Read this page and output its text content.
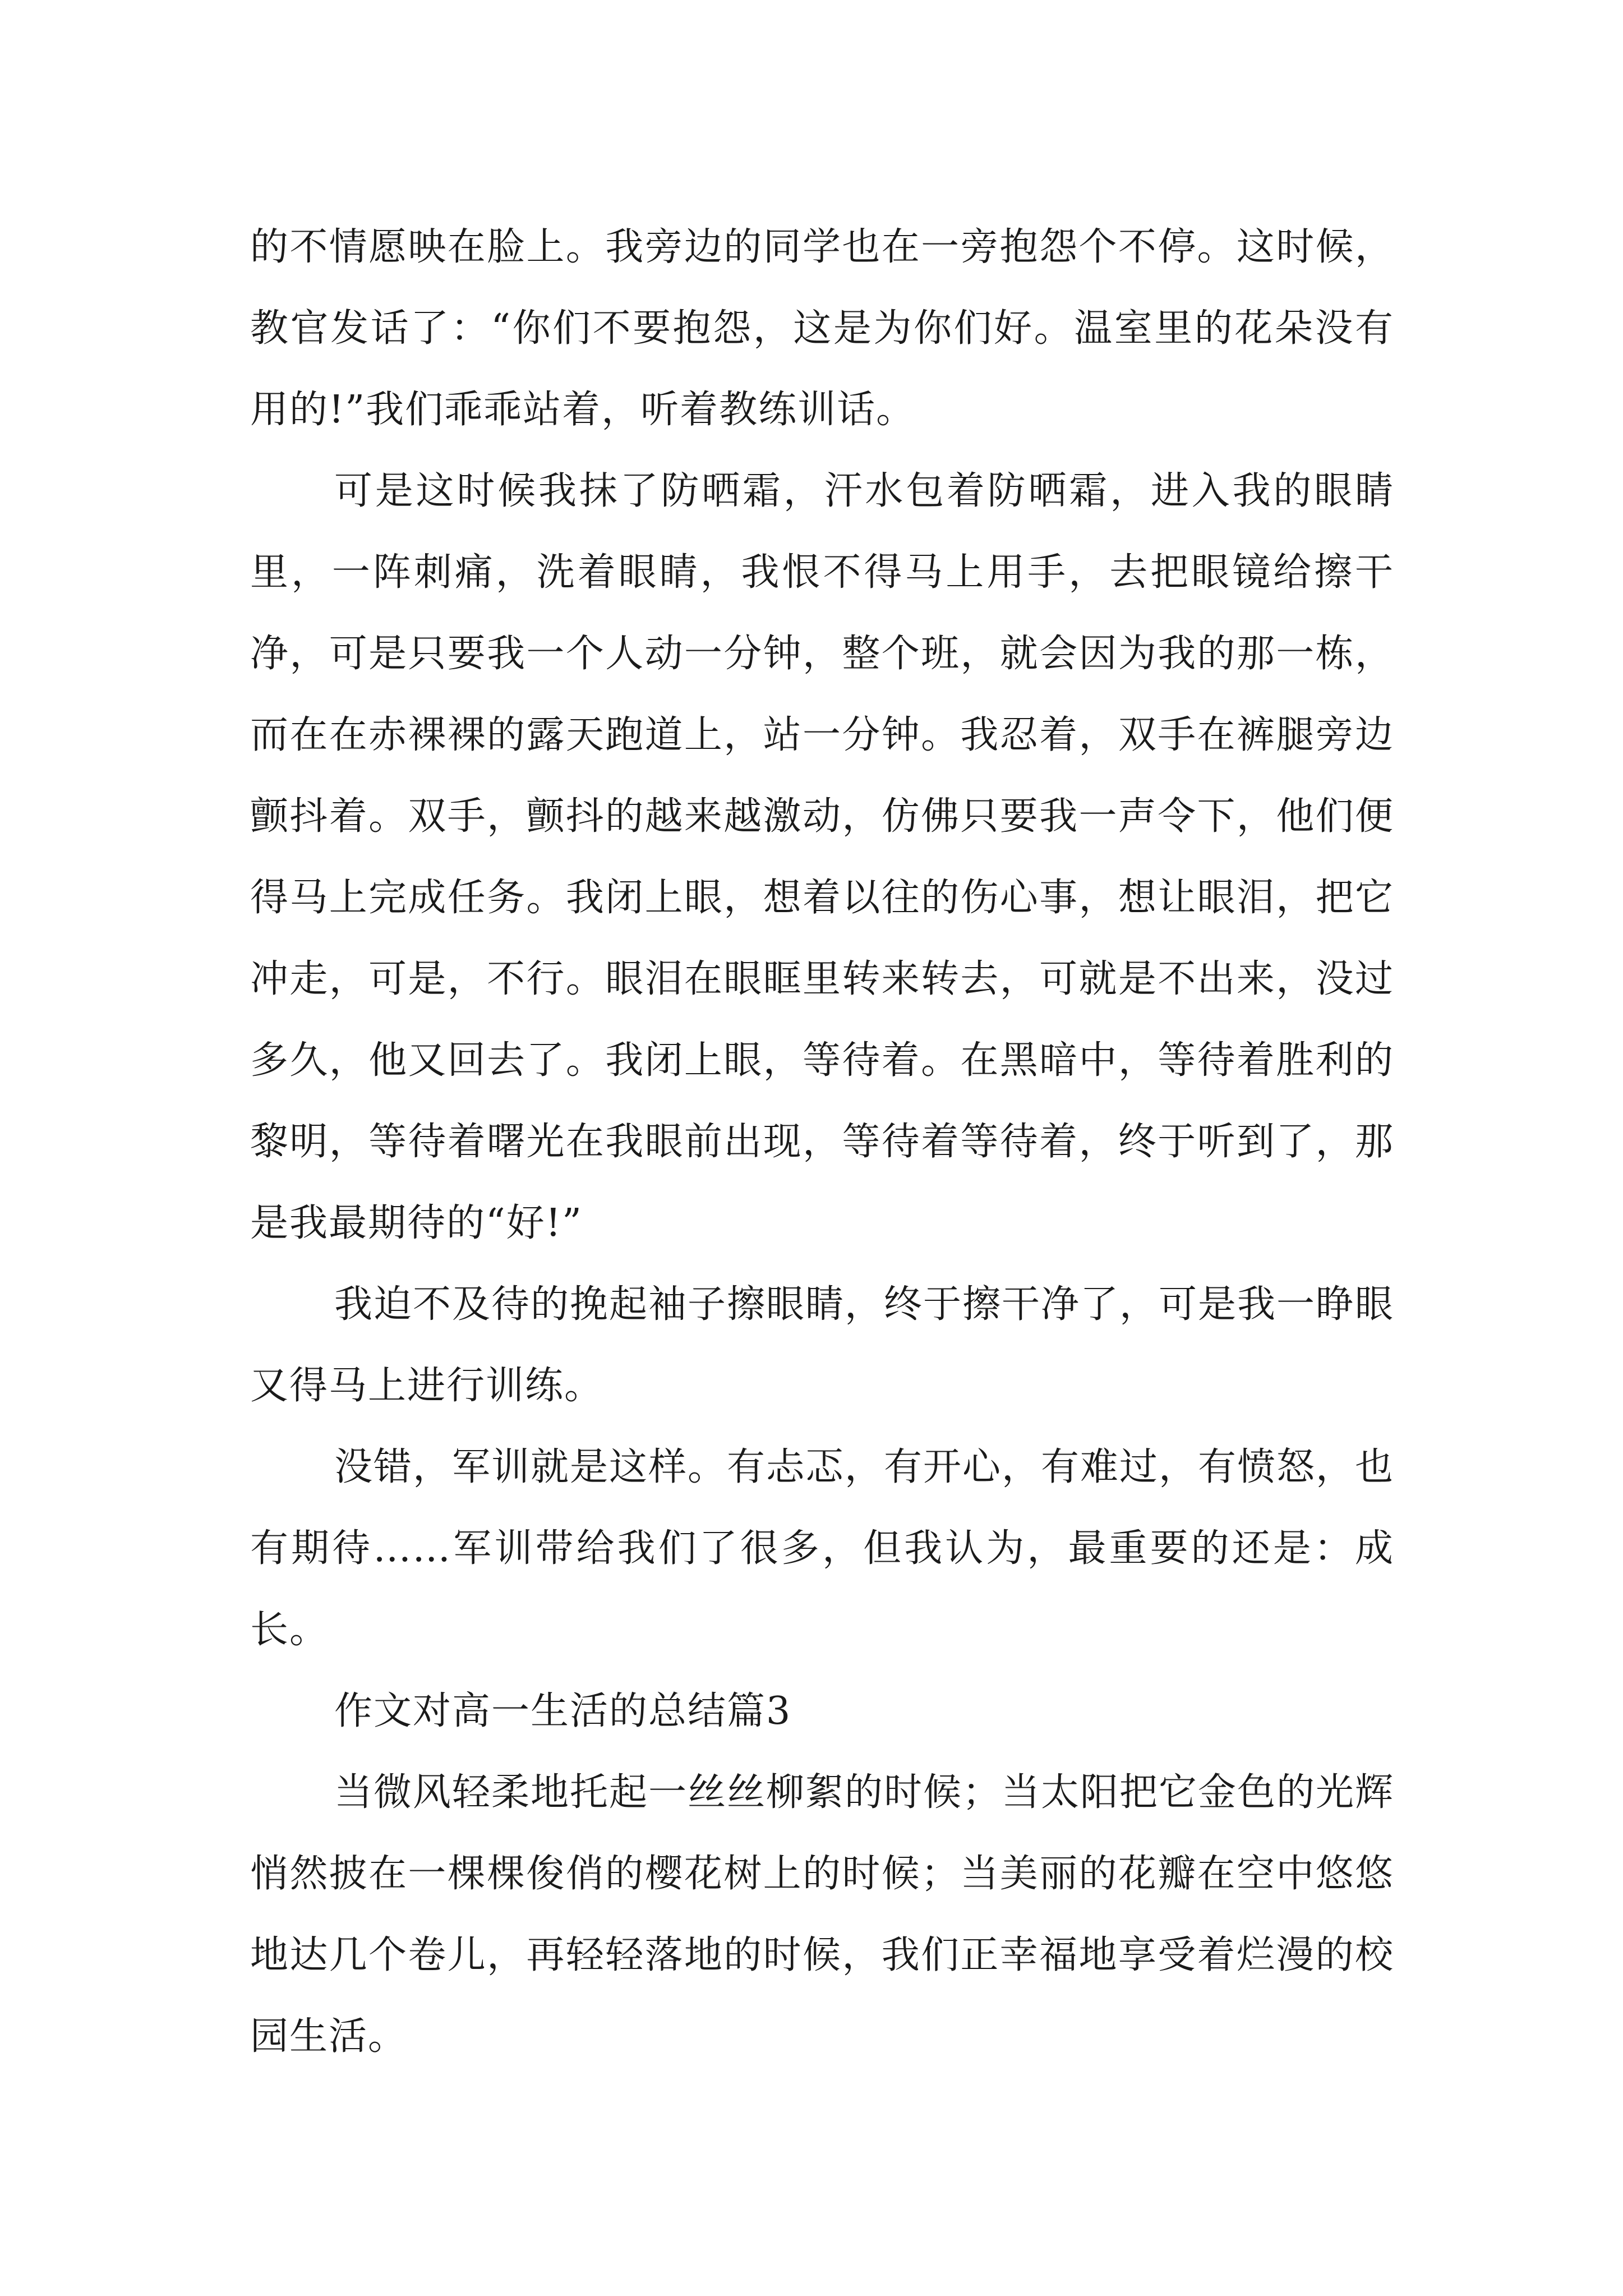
的不情愿映在脸上。我旁边的同学也在一旁抱怨个不停。这时候，教官发话了：“你们不要抱怨，这是为你们好。温室里的花朵没有用的!”我们乖乖站着，听着教练训话。

可是这时候我抹了防晒霜，汗水包着防晒霜，进入我的眼睛里，一阵刺痛，洗着眼睛，我恨不得马上用手，去把眼镜给擦干净，可是只要我一个人动一分钟，整个班，就会因为我的那一栋，而在在赤裸裸的露天跑道上，站一分钟。我忍着，双手在裤腿旁边颤抖着。双手，颤抖的越来越激动，仿佛只要我一声令下，他们便得马上完成任务。我闭上眼，想着以往的伤心事，想让眼泪，把它冲走，可是，不行。眼泪在眼眶里转来转去，可就是不出来，没过多久，他又回去了。我闭上眼，等待着。在黑暗中，等待着胜利的黎明，等待着曙光在我眼前出现，等待着等待着，终于听到了，那是我最期待的“好!”

我迫不及待的挽起袖子擦眼睛，终于擦干净了，可是我一睁眼又得马上进行训练。

没错，军训就是这样。有忐忑，有开心，有难过，有愤怒，也有期待……军训带给我们了很多，但我认为，最重要的还是：成长。

作文对高一生活的总结篇3

当微风轻柔地托起一丝丝柳絮的时候；当太阳把它金色的光辉悄然披在一棵棵俊俏的樱花树上的时候；当美丽的花瓣在空中悠悠地达几个卷儿，再轻轻落地的时候，我们正幸福地享受着烂漫的校园生活。
